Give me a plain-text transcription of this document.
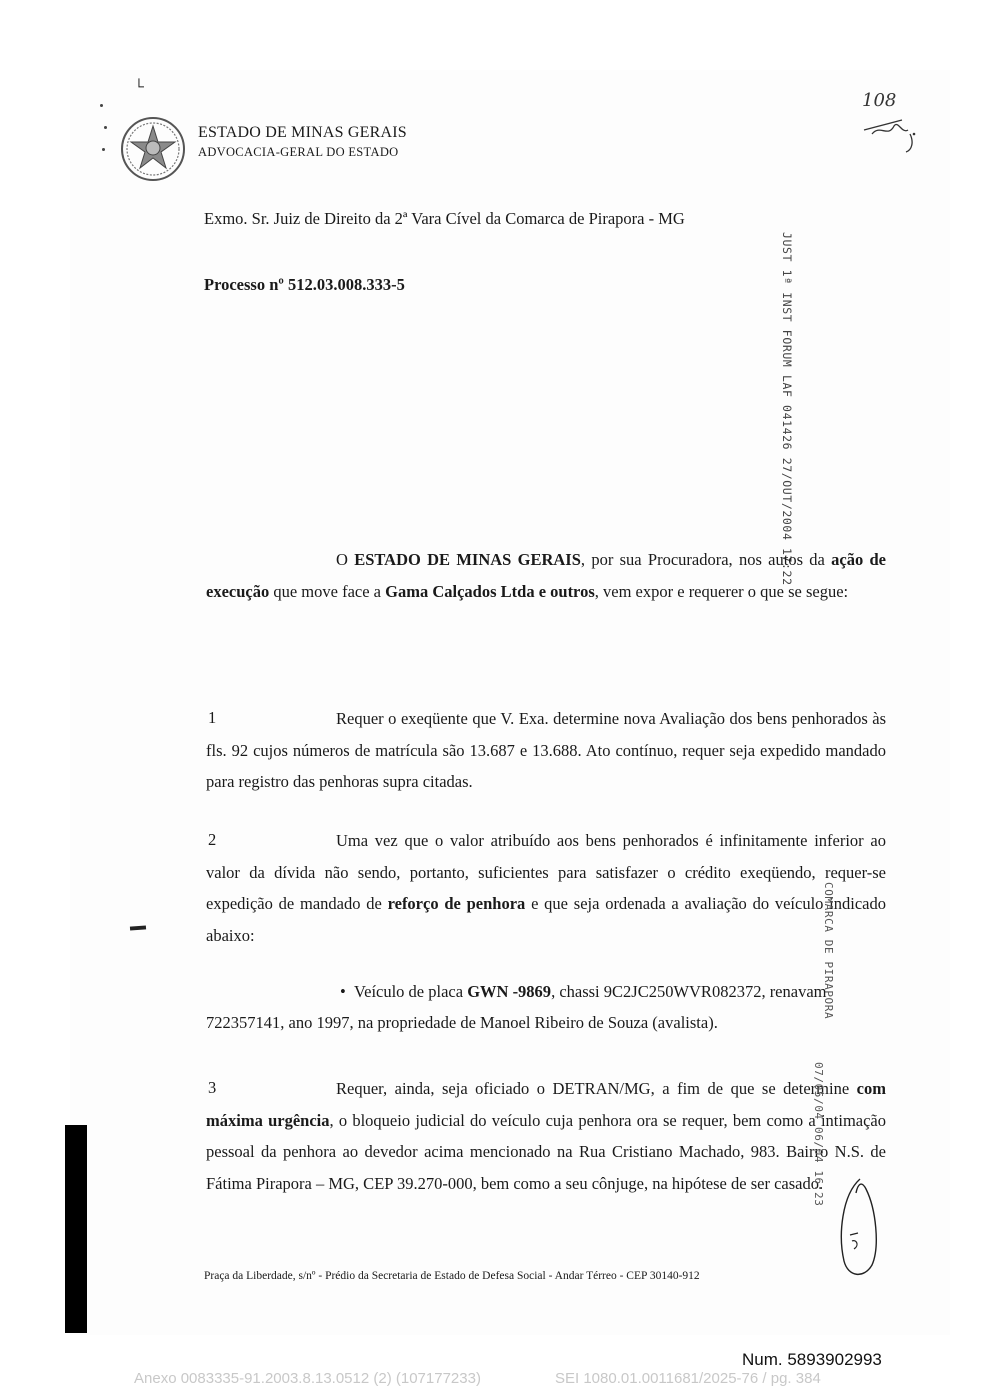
└
ESTADO DE MINAS GERAIS
ADVOCACIA-GERAL DO ESTADO
108
Exmo. Sr. Juiz de Direito da 2ª Vara Cível da Comarca de Pirapora - MG
Processo nº 512.03.008.333-5	JUST 1ª INST FORUM LAF 041426 27/OUT/2004 17:22
O ESTADO DE MINAS GERAIS, por sua Procuradora, nos autos da ação de execução que move face a Gama Calçados Ltda e outros, vem expor e requerer o que se segue:
1	Requer o exeqüente que V. Exa. determine nova Avaliação dos bens penhorados às fls. 92 cujos números de matrícula são 13.687 e 13.688. Ato contínuo, requer seja expedido mandado para registro das penhoras supra citadas.
2	Uma vez que o valor atribuído aos bens penhorados é infinitamente inferior ao valor da dívida não sendo, portanto, suficientes para satisfazer o crédito exeqüendo, requer-se expedição de mandado de reforço de penhora e que seja ordenada a avaliação do veículo indicado abaixo:	COMARCA DE PIRAPORA
•  Veículo de placa GWN -9869, chassi 9C2JC250WVR082372, renavam
722357141, ano 1997, na propriedade de Manoel Ribeiro de Souza (avalista).
3	Requer, ainda, seja oficiado o DETRAN/MG, a fim de que se determine com máxima urgência, o bloqueio judicial do veículo cuja penhora ora se requer, bem como a intimação pessoal da penhora ao devedor acima mencionado na Rua Cristiano Machado, 983. Bairro N.S. de Fátima Pirapora – MG, CEP 39.270-000, bem como a seu cônjuge, na hipótese de ser casado.
07/05/04 06/04 16:23
Praça da Liberdade, s/nº - Prédio da Secretaria de Estado de Defesa Social - Andar Térreo - CEP 30140-912
Num. 5893902993
Anexo 0083335-91.2003.8.13.0512 (2) (107177233)	SEI 1080.01.0011681/2025-76 / pg. 384
